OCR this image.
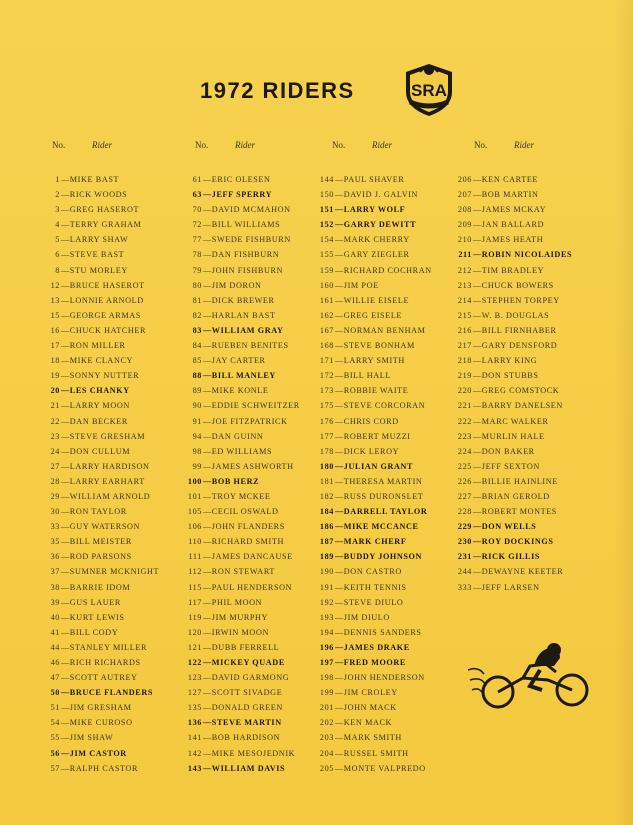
1972 RIDERS	SRA
No.	Rider	No.	Rider	No.	Rider	No.	Rider
1—MIKE BAST
2—RICK WOODS
3—GREG HASEROT
4—TERRY GRAHAM
5—LARRY SHAW
6—STEVE BAST
8—STU MORLEY
12—BRUCE HASEROT
13—LONNIE ARNOLD
15—GEORGE ARMAS
16—CHUCK HATCHER
17—RON MILLER
18—MIKE CLANCY
19—SONNY NUTTER
20—LES CHANKY
21—LARRY MOON
22—DAN BECKER
23—STEVE GRESHAM
24—DON CULLUM
27—LARRY HARDISON
28—LARRY EARHART
29—WILLIAM ARNOLD
30—RON TAYLOR
33—GUY WATERSON
35—BILL MEISTER
36—ROD PARSONS
37—SUMNER MCKNIGHT
38—BARRIE IDOM
39—GUS LAUER
40—KURT LEWIS
41—BILL CODY
44—STANLEY MILLER
46—RICH RICHARDS
47—SCOTT AUTREY
50—BRUCE FLANDERS
51—JIM GRESHAM
54—MIKE CUROSO
55—JIM SHAW
56—JIM CASTOR
57—RALPH CASTOR
61—ERIC OLESEN
63—JEFF SPERRY
70—DAVID MCMAHON
72—BILL WILLIAMS
77—SWEDE FISHBURN
78—DAN FISHBURN
79—JOHN FISHBURN
80—JIM DORON
81—DICK BREWER
82—HARLAN BAST
83—WILLIAM GRAY
84—RUEBEN BENITES
85—JAY CARTER
88—BILL MANLEY
89—MIKE KONLE
90—EDDIE SCHWEITZER
91—JOE FITZPATRICK
94—DAN GUINN
98—ED WILLIAMS
99—JAMES ASHWORTH
100—BOB HERZ
101—TROY MCKEE
105—CECIL OSWALD
106—JOHN FLANDERS
110—RICHARD SMITH
111—JAMES DANCAUSE
112—RON STEWART
115—PAUL HENDERSON
117—PHIL MOON
119—JIM MURPHY
120—IRWIN MOON
121—DUBB FERRELL
122—MICKEY QUADE
123—DAVID GARMONG
127—SCOTT SIVADGE
135—DONALD GREEN
136—STEVE MARTIN
141—BOB HARDISON
142—MIKE MESOJEDNIK
143—WILLIAM DAVIS
144—PAUL SHAVER
150—DAVID J. GALVIN
151—LARRY WOLF
152—GARRY DEWITT
154—MARK CHERRY
155—GARY ZIEGLER
159—RICHARD COCHRAN
160—JIM POE
161—WILLIE EISELE
162—GREG EISELE
167—NORMAN BENHAM
168—STEVE BONHAM
171—LARRY SMITH
172—BILL HALL
173—ROBBIE WAITE
175—STEVE CORCORAN
176—CHRIS CORD
177—ROBERT MUZZI
178—DICK LEROY
180—JULIAN GRANT
181—THERESA MARTIN
182—RUSS DURONSLET
184—DARRELL TAYLOR
186—MIKE MCCANCE
187—MARK CHERF
189—BUDDY JOHNSON
190—DON CASTRO
191—KEITH TENNIS
192—STEVE DIULO
193—JIM DIULO
194—DENNIS SANDERS
196—JAMES DRAKE
197—FRED MOORE
198—JOHN HENDERSON
199—JIM CROLEY
201—JOHN MACK
202—KEN MACK
203—MARK SMITH
204—RUSSEL SMITH
205—MONTE VALPREDO
206—KEN CARTEE
207—BOB MARTIN
208—JAMES MCKAY
209—JAN BALLARD
210—JAMES HEATH
211—ROBIN NICOLAIDES
212—TIM BRADLEY
213—CHUCK BOWERS
214—STEPHEN TORPEY
215—W. B. DOUGLAS
216—BILL FIRNHABER
217—GARY DENSFORD
218—LARRY KING
219—DON STUBBS
220—GREG COMSTOCK
221—BARRY DANELSEN
222—MARC WALKER
223—MURLIN HALE
224—DON BAKER
225—JEFF SEXTON
226—BILLIE HAINLINE
227—BRIAN GEROLD
228—ROBERT MONTES
229—DON WELLS
230—ROY DOCKINGS
231—RICK GILLIS
244—DEWAYNE KEETER
333—JEFF LARSEN
